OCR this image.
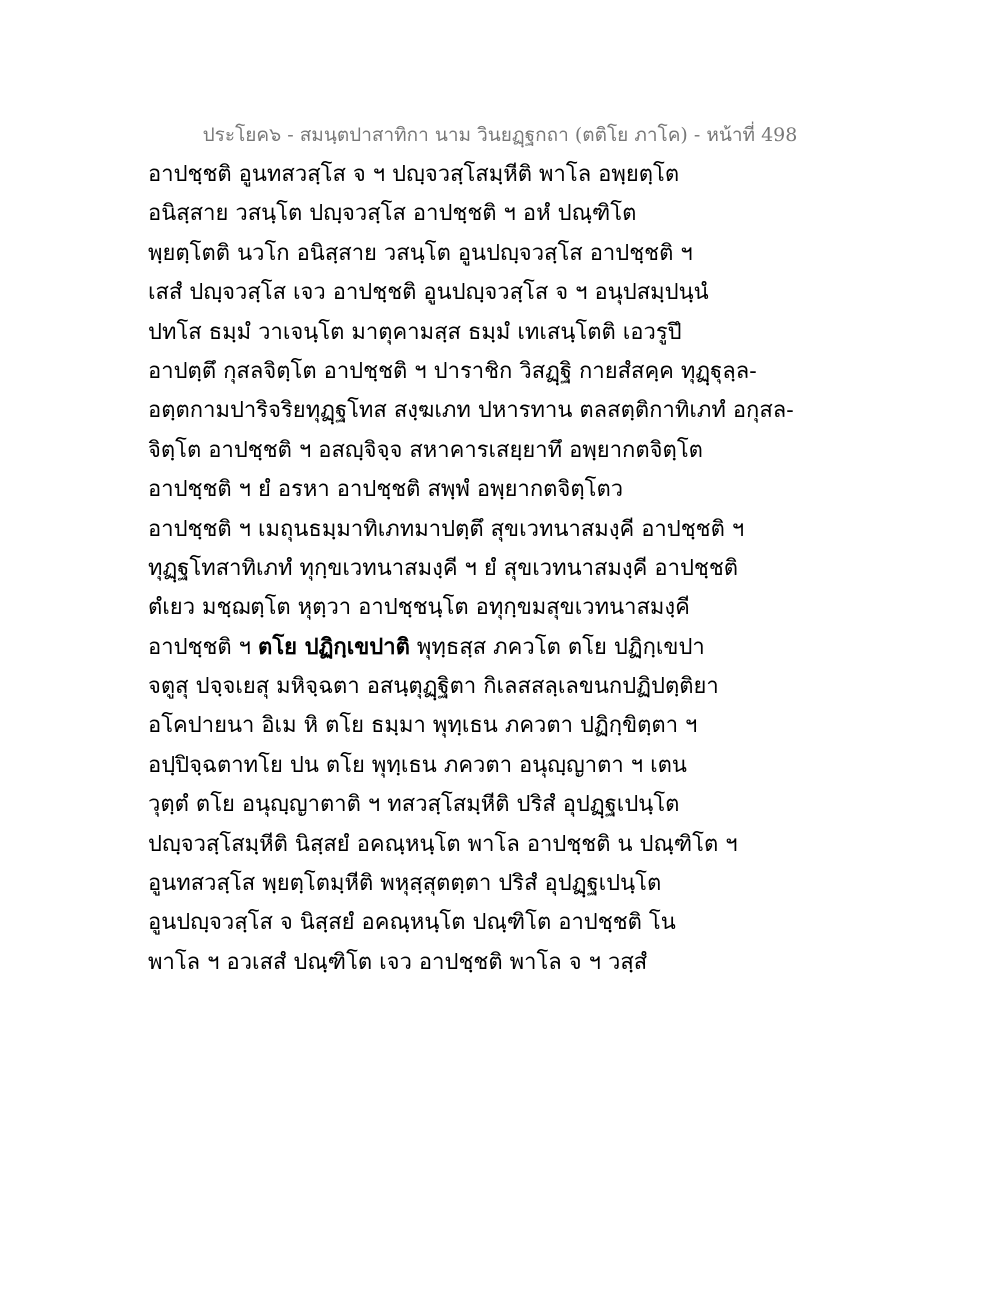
ประโยค๖ - สมนฺตปาสาทิกา นาม วินยฏฺฐกถา (ตติโย ภาโค) - หน้าที่ 498
อาปชฺชติ อูนทสวสฺโส จ ฯ ปญฺจวสฺโสมฺหีติ พาโล อพฺยตฺโต
อนิสฺสาย วสนฺโต ปญฺจวสฺโส อาปชฺชติ ฯ อหํ ปณฺฑิโต
พฺยตฺโตติ นวโก อนิสฺสาย วสนฺโต อูนปญฺจวสฺโส อาปชฺชติ ฯ
เสสํ ปญฺจวสฺโส เจว อาปชฺชติ อูนปญฺจวสฺโส จ ฯ อนุปสมฺปนฺนํ
ปทโส ธมฺมํ วาเจนฺโต มาตุคามสฺส ธมฺมํ เทเสนฺโตติ เอวรูปึ
อาปตฺตึ กุสลจิตฺโต อาปชฺชติ ฯ ปาราชิก วิสฏฺฐิ กายสํสคฺค ทุฏฺฐุลฺล-
อตฺตกามปาริจริยทุฏฺฐโทส สงฺฆเภท ปหารทาน ตลสตฺติกาทิเภทํ อกุสล-
จิตฺโต อาปชฺชติ ฯ อสญฺจิจฺจ สหาคารเสยฺยาทึ อพฺยากตจิตฺโต
อาปชฺชติ ฯ ยํ อรหา อาปชฺชติ สพฺพํ อพฺยากตจิตฺโตว
อาปชฺชติ ฯ เมถุนธมฺมาทิเภทมาปตฺตึ สุขเวทนาสมงฺคี อาปชฺชติ ฯ
ทุฏฺฐโทสาทิเภทํ ทุกฺขเวทนาสมงฺคี ฯ ยํ สุขเวทนาสมงฺคี อาปชฺชติ
ตํเยว มชฺฌตฺโต หุตฺวา อาปชฺชนฺโต อทุกฺขมสุขเวทนาสมงฺคี
อาปชฺชติ ฯ ตโย ปฏิกฺเขปาติ พุทฺธสฺส ภควโต ตโย ปฏิกฺเขปา
จตูสุ ปจฺจเยสุ มหิจฺฉตา อสนฺตุฏฺฐิตา กิเลสสลฺเลขนกปฏิปตฺติยา
อโคปายนา อิเม หิ ตโย ธมฺมา พุทฺเธน ภควตา ปฏิกฺขิตฺตา ฯ
อปฺปิจฺฉตาทโย ปน ตโย พุทฺเธน ภควตา อนุญฺญาตา ฯ เตน
วุตฺตํ ตโย อนุญฺญาตาติ ฯ ทสวสฺโสมฺหีติ ปริสํ อุปฏฺฐเปนฺโต
ปญฺจวสฺโสมฺหีติ นิสฺสยํ อคณฺหนฺโต พาโล อาปชฺชติ น ปณฺฑิโต ฯ
อูนทสวสฺโส พฺยตฺโตมฺหีติ พหุสฺสุตตฺตา ปริสํ อุปฏฺฐเปนฺโต
อูนปญฺจวสฺโส จ นิสฺสยํ อคณฺหนฺโต ปณฺฑิโต อาปชฺชติ โน
พาโล ฯ อวเสสํ ปณฺฑิโต เจว อาปชฺชติ พาโล จ ฯ วสฺสํ
